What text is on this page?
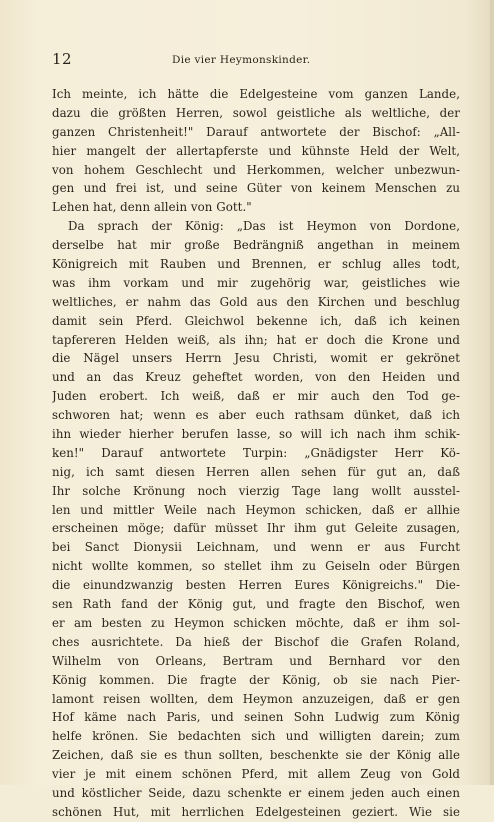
12	Die vier Heymonskinder.
Ich meinte, ich hätte die Edelgesteine vom ganzen Lande,
dazu die größten Herren, sowol geistliche als weltliche, der
ganzen Christenheit!" Darauf antwortete der Bischof: „All-
hier mangelt der allertapferste und kühnste Held der Welt,
von hohem Geschlecht und Herkommen, welcher unbezwun-
gen und frei ist, und seine Güter von keinem Menschen zu
Lehen hat, denn allein von Gott."
Da sprach der König: „Das ist Heymon von Dordone,
derselbe hat mir große Bedrängniß angethan in meinem
Königreich mit Rauben und Brennen, er schlug alles todt,
was ihm vorkam und mir zugehörig war, geistliches wie
weltliches, er nahm das Gold aus den Kirchen und beschlug
damit sein Pferd. Gleichwol bekenne ich, daß ich keinen
tapfereren Helden weiß, als ihn; hat er doch die Krone und
die Nägel unsers Herrn Jesu Christi, womit er gekrönet
und an das Kreuz geheftet worden, von den Heiden und
Juden erobert. Ich weiß, daß er mir auch den Tod ge-
schworen hat; wenn es aber euch rathsam dünket, daß ich
ihn wieder hierher berufen lasse, so will ich nach ihm schik-
ken!" Darauf antwortete Turpin: „Gnädigster Herr Kö-
nig, ich samt diesen Herren allen sehen für gut an, daß
Ihr solche Krönung noch vierzig Tage lang wollt ausstel-
len und mittler Weile nach Heymon schicken, daß er allhie
erscheinen möge; dafür müsset Ihr ihm gut Geleite zusagen,
bei Sanct Dionysii Leichnam, und wenn er aus Furcht
nicht wollte kommen, so stellet ihm zu Geiseln oder Bürgen
die einundzwanzig besten Herren Eures Königreichs." Die-
sen Rath fand der König gut, und fragte den Bischof, wen
er am besten zu Heymon schicken möchte, daß er ihm sol-
ches ausrichtete. Da hieß der Bischof die Grafen Roland,
Wilhelm von Orleans, Bertram und Bernhard vor den
König kommen. Die fragte der König, ob sie nach Pier-
lamont reisen wollten, dem Heymon anzuzeigen, daß er gen
Hof käme nach Paris, und seinen Sohn Ludwig zum König
helfe krönen. Sie bedachten sich und willigten darein; zum
Zeichen, daß sie es thun sollten, beschenkte sie der König alle
vier je mit einem schönen Pferd, mit allem Zeug von Gold
und köstlicher Seide, dazu schenkte er einem jeden auch einen
schönen Hut, mit herrlichen Edelgesteinen geziert. Wie sie
